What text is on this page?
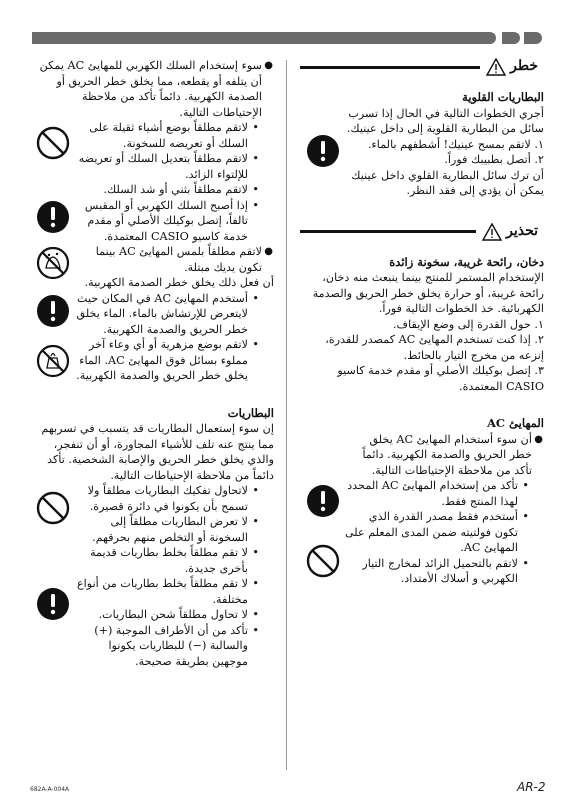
خطر

البطاريات القلوية

أجري الخطوات التالية في الحال إذا تسرب سائل من البطارية القلوية إلى داخل عينيك.

١. لاتقم بمسح عينيك! أشطفهم بالماء.

٢. أتصل بطبيبك فوراً.

أن ترك سائل البطارية القلوي داخل عينيك يمكن أن يؤدي إلى فقد النظر.

تحذير

دخان، رائحة غريبة، سخونة زائدة

الإستخدام المستمر للمنتج بينما ينبعث منه دخان، رائحة غريبة، أو حرارة يخلق خطر الحريق والصدمة الكهربائية. خذ الخطوات التالية فوراً.

١. حول القدرة إلى وضع الإيقاف.

٢. إذا كنت تستخدم المهايئ AC كمصدر للقدرة، إنزعه من مخرج التيار بالحائط.

٣. إتصل بوكيلك الأصلي أو مقدم خدمة كاسيو CASIO المعتمدة.

المهايئ AC

● أن سوء أستخدام المهايئ AC يخلق خطر الحريق والصدمة الكهربية. دائماً تأكد من ملاحظة الإحتياطات التالية.

• تأكد من إستخدام المهايئ AC المحدد لهذا المنتج فقط.

• أستخدم فقط مصدر القدرة الذي تكون فولتيته ضمن المدى المعلم على المهايئ AC.

• لاتقم بالتحميل الزائد لمخارج التيار الكهربي و أسلاك الأمتداد.

● سوء إستخدام السلك الكهربي للمهايئ AC يمكن أن يتلفه أو يقطعه، مما يخلق خطر الحريق أو الصدمة الكهربية. دائماً تأكد من ملاحظة الإحتياطات التالية.

• لاتقم مطلقاً بوضع أشياء ثقيلة على السلك أو تعريضه للسخونة.

• لاتقم مطلقاً بتعديل السلك أو تعريضه للإلتواء الزائد.

• لاتقم مطلقاً بثني أو شد السلك.

• إذا أصبح السلك الكهربي أو المقبس تالفاً، إتصل بوكيلك الأصلي أو مقدم خدمة كاسيو CASIO المعتمدة.

● لاتقم مطلقاً بلمس المهايئ AC بينما تكون يديك مبتلة.

أن فعل ذلك يخلق خطر الصدمة الكهربية.

• أستخدم المهايئ AC في المكان حيث لايتعرض للإرتشاش بالماء. الماء يخلق خطر الحريق والصدمة الكهربية.

• لاتقم بوضع مزهرية أو أي وعاء آخر مملوء بسائل فوق المهايئ AC. الماء يخلق خطر الحريق والصدمة الكهربية.

البطاريات

إن سوء إستعمال البطاريات قد يتسبب في تسربهم مما ينتج عنه تلف للأشياء المجاورة، أو أن تنفجر، والذي يخلق خطر الحريق والإصابة الشخصية. تأكد دائماً من ملاحظة الإحتياطات التالية.

• لاتحاول تفكيك البطاريات مطلقاً ولا تسمح بأن يكونوا في دائرة قصيرة.

• لا تعرض البطاريات مطلقاً إلى السخونة أو التخلص منهم بحرقهم.

• لا تقم مطلقاً بخلط بطاريات قديمة بأخرى جديدة.

• لا تقم مطلقاً بخلط بطاريات من أنواع مختلفة.

• لا تحاول مطلقاً شحن البطاريات.

• تأكد من أن الأطراف الموجبة (+) والسالبة (−) للبطاريات يكونوا موجهين بطريقة صحيحة.

682A-A-004A	AR-2
